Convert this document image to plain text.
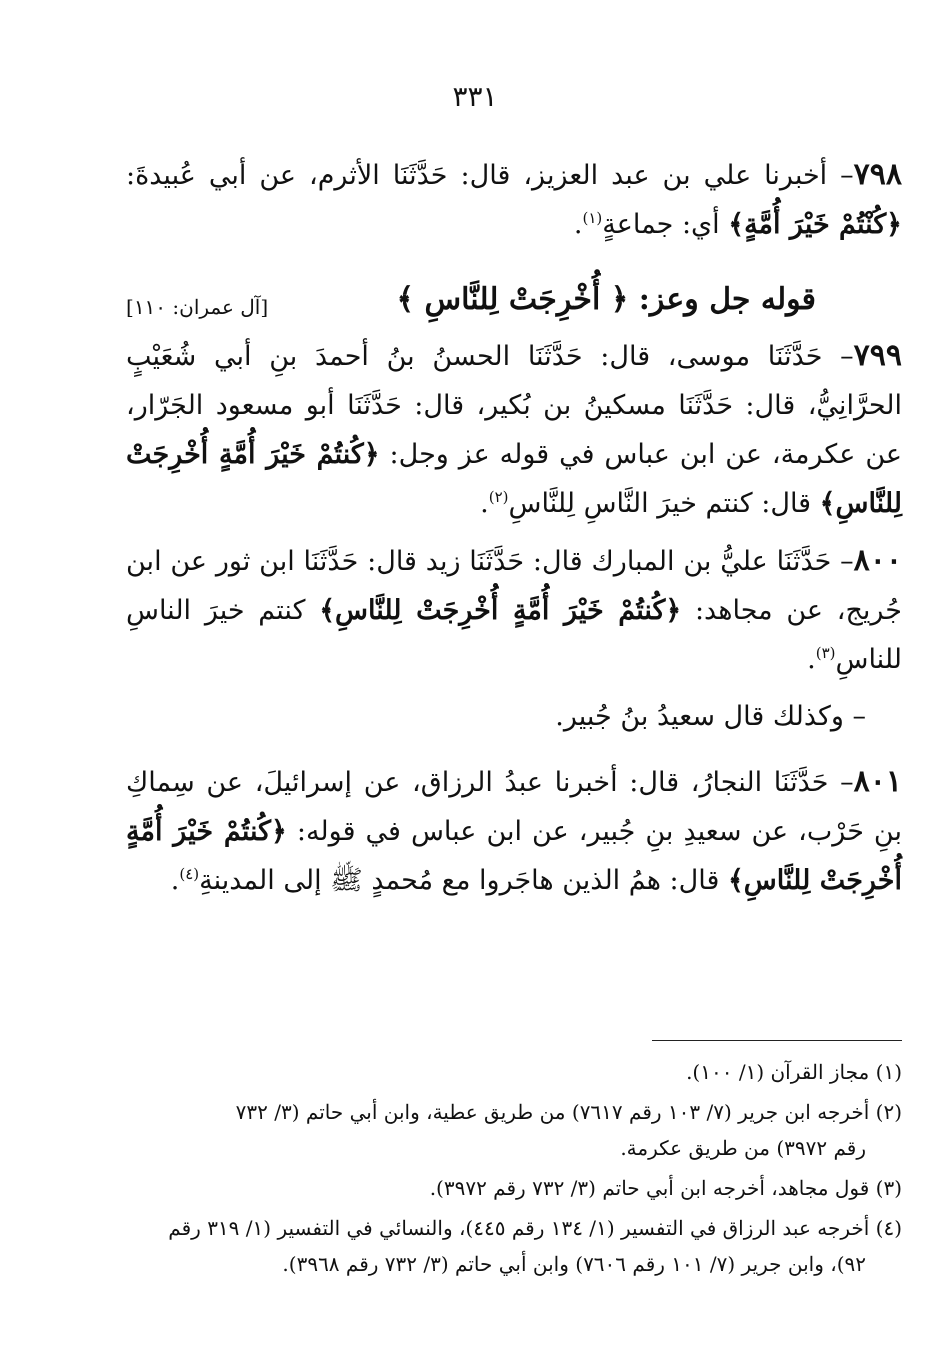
٣٣١

٧٩٨– أخبرنا علي بن عبد العزيز، قال: حَدَّثَنَا الأثرم، عن أبي عُبيدةَ: ﴿كُنْتُمْ خَيْرَ أُمَّةٍ﴾ أي: جماعةٍ$^{(١)}$.

قوله جل وعز: ﴿ أُخْرِجَتْ لِلنَّاسِ ﴾
[آل عمران: ١١٠]

٧٩٩– حَدَّثَنَا موسى، قال: حَدَّثَنَا الحسنُ بنُ أحمدَ بنِ أبي شُعَيْبٍ الحرَّانِيُّ، قال: حَدَّثَنَا مسكينُ بن بُكير، قال: حَدَّثَنَا أبو مسعود الجَرّار، عن عكرمة، عن ابن عباس في قوله عز وجل: ﴿كُنتُمْ خَيْرَ أُمَّةٍ أُخْرِجَتْ لِلنَّاسِ﴾ قال: كنتم خيرَ النَّاسِ لِلنَّاسِ$^{(٢)}$.

٨٠٠– حَدَّثَنَا عليُّ بن المبارك قال: حَدَّثَنَا زيد قال: حَدَّثَنَا ابن ثور عن ابن جُريج، عن مجاهد: ﴿كُنتُمْ خَيْرَ أُمَّةٍ أُخْرِجَتْ لِلنَّاسِ﴾ كنتم خيرَ الناسِ للناسِ$^{(٣)}$.

– وكذلك قال سعيدُ بنُ جُبير.

٨٠١– حَدَّثَنَا النجارُ، قال: أخبرنا عبدُ الرزاق، عن إسرائيلَ، عن سِماكِ بنِ حَرْب، عن سعيدِ بنِ جُبير، عن ابن عباس في قوله: ﴿كُنتُمْ خَيْرَ أُمَّةٍ أُخْرِجَتْ لِلنَّاسِ﴾ قال: همُ الذين هاجَروا مع مُحمدٍ ﷺ إلى المدينةِ$^{(٤)}$.

(١) مجاز القرآن (١/ ١٠٠).

(٢) أخرجه ابن جرير (٧/ ١٠٣ رقم ٧٦١٧) من طريق عطية، وابن أبي حاتم (٣/ ٧٣٢
رقم ٣٩٧٢) من طريق عكرمة.

(٣) قول مجاهد، أخرجه ابن أبي حاتم (٣/ ٧٣٢ رقم ٣٩٧٢).

(٤) أخرجه عبد الرزاق في التفسير (١/ ١٣٤ رقم ٤٤٥)، والنسائي في التفسير (١/ ٣١٩ رقم
٩٢)، وابن جرير (٧/ ١٠١ رقم ٧٦٠٦) وابن أبي حاتم (٣/ ٧٣٢ رقم ٣٩٦٨).
